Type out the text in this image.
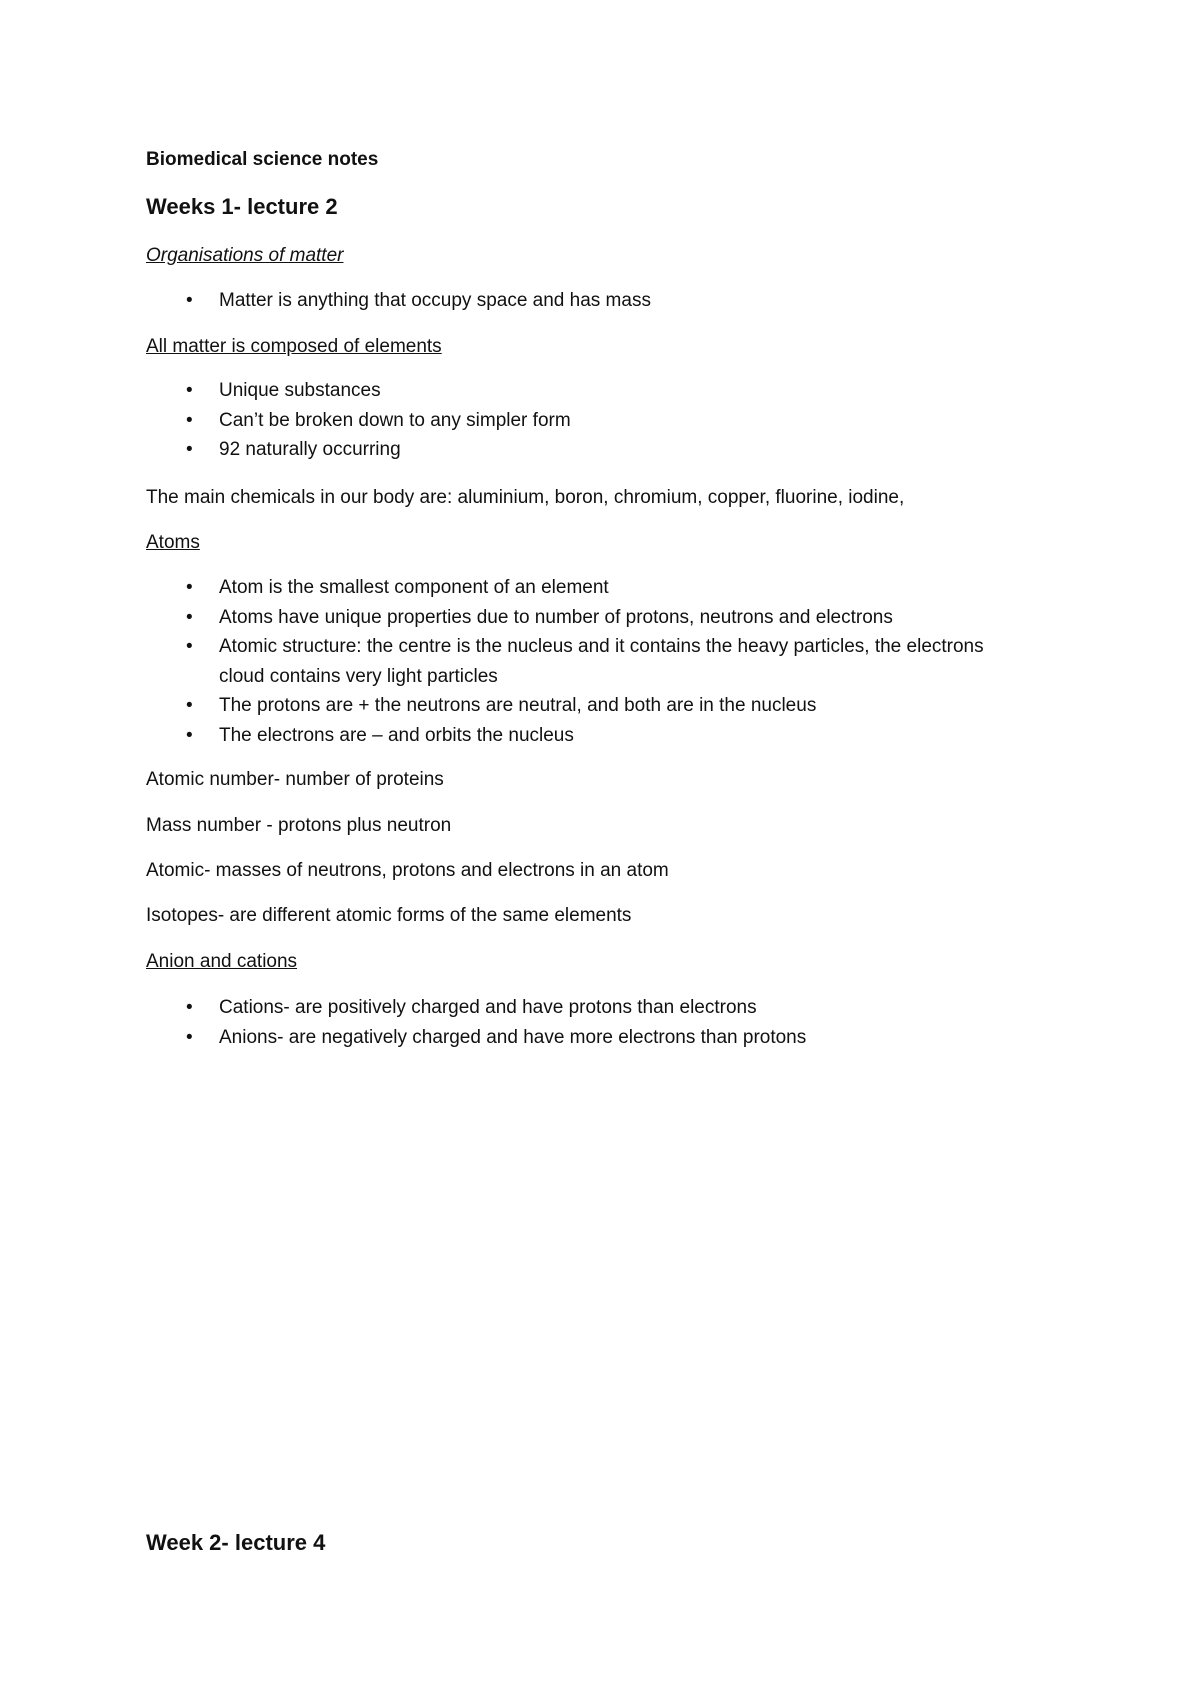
Biomedical science notes

Weeks 1- lecture 2

Organisations of matter

• Matter is anything that occupy space and has mass

All matter is composed of elements

• Unique substances
• Can’t be broken down to any simpler form
• 92 naturally occurring

The main chemicals in our body are: aluminium, boron, chromium, copper, fluorine, iodine,

Atoms

• Atom is the smallest component of an element
• Atoms have unique properties due to number of protons, neutrons and electrons
• Atomic structure: the centre is the nucleus and it contains the heavy particles, the electrons
cloud contains very light particles
• The protons are + the neutrons are neutral, and both are in the nucleus
• The electrons are – and orbits the nucleus

Atomic number- number of proteins

Mass number - protons plus neutron

Atomic- masses of neutrons, protons and electrons in an atom

Isotopes- are different atomic forms of the same elements

Anion and cations

• Cations- are positively charged and have protons than electrons
• Anions- are negatively charged and have more electrons than protons

Week 2- lecture 4
